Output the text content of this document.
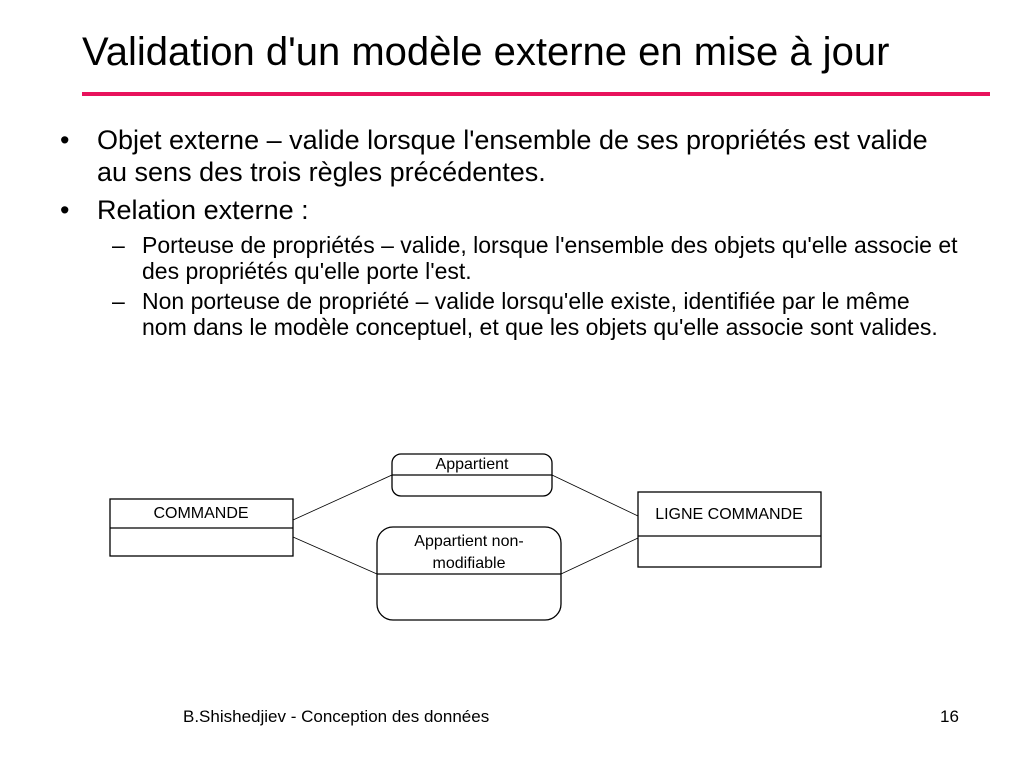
Validation d'un modèle externe en mise à jour
• Objet externe – valide lorsque l'ensemble de ses propriétés est valide au sens des trois règles précédentes.
• Relation externe :
– Porteuse de propriétés – valide, lorsque l'ensemble des objets qu'elle associe et des propriétés qu'elle porte l'est.
– Non porteuse de propriété – valide lorsqu'elle existe, identifiée par le même nom dans le modèle conceptuel, et que les objets qu'elle associe sont valides.
COMMANDE	LIGNE COMMANDE
Appartient
Appartient non-
modifiable
B.Shishedjiev - Conception des données	16
